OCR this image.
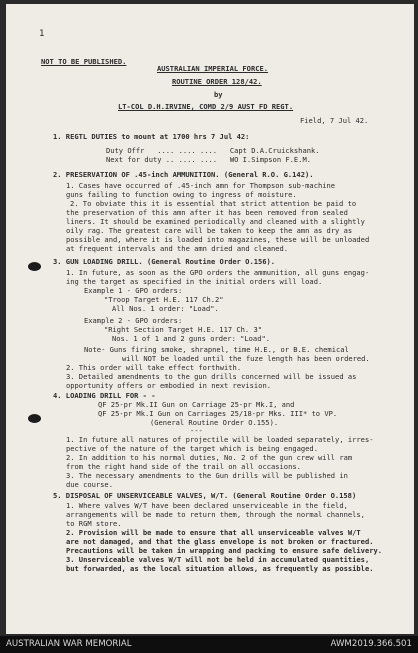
1
NOT TO BE PUBLISHED.
AUSTRALIAN IMPERIAL FORCE.
ROUTINE ORDER 128/42.
by
LT-COL D.H.IRVINE, COMD 2/9 AUST FD REGT.
Field, 7 Jul 42.
1. REGTL DUTIES to mount at 1700 hrs 7 Jul 42:
Duty Offr   .... .... ....   Capt D.A.Cruickshank.
Next for duty .. .... ....   WO I.Simpson F.E.M.
2. PRESERVATION OF .45-inch AMMUNITION. (General R.O. G.142).
1. Cases have occurred of .45-inch amn for Thompson sub-machine
guns failing to function owing to ingress of moisture.
2. To obviate this it is essential that strict attention be paid to
the preservation of this amn after it has been removed from sealed
liners. It should be examined periodically and cleaned with a slightly
oily rag. The greatest care will be taken to keep the amn as dry as
possible and, where it is loaded into magazines, these will be unloaded
at frequent intervals and the amn dried and cleaned.
3. GUN LOADING DRILL. (General Routine Order O.156).
1. In future, as soon as the GPO orders the ammunition, all guns engag-
ing the target as specified in the initial orders will load.
Example 1 - GPO orders:
"Troop Target H.E. 117 Ch.2"
All Nos. 1 order: "Load".
Example 2 - GPO orders:
"Right Section Target H.E. 117 Ch. 3"
Nos. 1 of 1 and 2 guns order: "Load".
Note- Guns firing smoke, shrapnel, time H.E., or B.E. chemical
will NOT be loaded until the fuze length has been ordered.
2. This order will take effect forthwith.
3. Detailed amendments to the gun drills concerned will be issued as
opportunity offers or embodied in next revision.
4. LOADING DRILL FOR - -
QF 25-pr Mk.II Gun on Carriage 25-pr Mk.I, and
QF 25-pr Mk.I Gun on Carriages 25/18-pr Mks. III* to VP.
(General Routine Order O.155).
---
1. In future all natures of projectile will be loaded separately, irres-
pective of the nature of the target which is being engaged.
2. In addition to his normal duties, No. 2 of the gun crew will ram
from the right hand side of the trail on all occasions.
3. The necessary amendments to the Gun drills will be published in
due course.
5. DISPOSAL OF UNSERVICEABLE VALVES, W/T. (General Routine Order O.158)
1. Where valves W/T have been declared unserviceable in the field,
arrangements will be made to return them, through the normal channels,
to RGM store.
2. Provision will be made to ensure that all unserviceable valves W/T
are not damaged, and that the glass envelope is not broken or fractured.
Precautions will be taken in wrapping and packing to ensure safe delivery.
3. Unserviceable valves W/T will not be held in accumulated quantities,
but forwarded, as the local situation allows, as frequently as possible.
AUSTRALIAN WAR MEMORIAL	AWM2019.366.501
